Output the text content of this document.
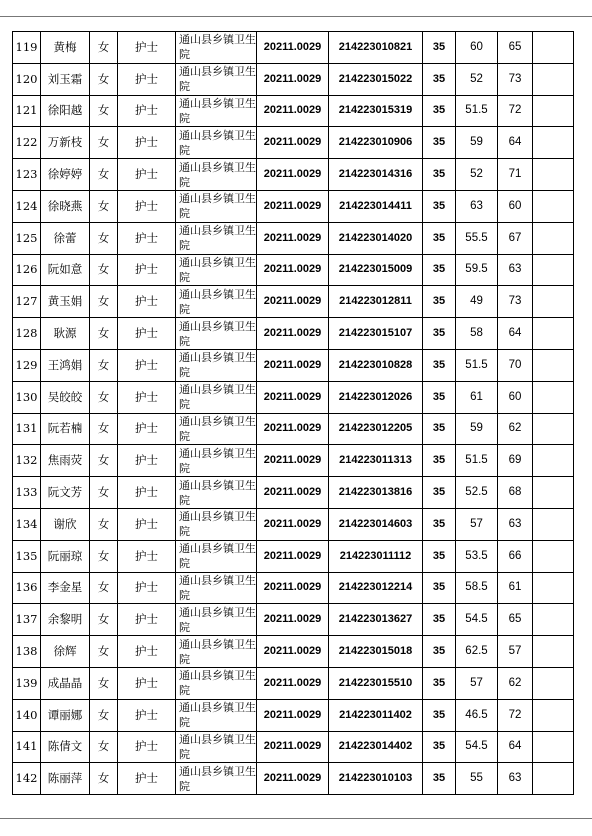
119	黄梅	女	护士	通山县乡镇卫生院	20211.0029	214223010821	35	60	65	
120	刘玉霜	女	护士	通山县乡镇卫生院	20211.0029	214223015022	35	52	73	
121	徐阳越	女	护士	通山县乡镇卫生院	20211.0029	214223015319	35	51.5	72	
122	万新枝	女	护士	通山县乡镇卫生院	20211.0029	214223010906	35	59	64	
123	徐婷婷	女	护士	通山县乡镇卫生院	20211.0029	214223014316	35	52	71	
124	徐晓燕	女	护士	通山县乡镇卫生院	20211.0029	214223014411	35	63	60	
125	徐蕾	女	护士	通山县乡镇卫生院	20211.0029	214223014020	35	55.5	67	
126	阮如意	女	护士	通山县乡镇卫生院	20211.0029	214223015009	35	59.5	63	
127	黄玉娟	女	护士	通山县乡镇卫生院	20211.0029	214223012811	35	49	73	
128	耿源	女	护士	通山县乡镇卫生院	20211.0029	214223015107	35	58	64	
129	王鸿娟	女	护士	通山县乡镇卫生院	20211.0029	214223010828	35	51.5	70	
130	吴皎皎	女	护士	通山县乡镇卫生院	20211.0029	214223012026	35	61	60	
131	阮若楠	女	护士	通山县乡镇卫生院	20211.0029	214223012205	35	59	62	
132	焦雨荧	女	护士	通山县乡镇卫生院	20211.0029	214223011313	35	51.5	69	
133	阮文芳	女	护士	通山县乡镇卫生院	20211.0029	214223013816	35	52.5	68	
134	谢欣	女	护士	通山县乡镇卫生院	20211.0029	214223014603	35	57	63	
135	阮丽琼	女	护士	通山县乡镇卫生院	20211.0029	214223011112	35	53.5	66	
136	李金星	女	护士	通山县乡镇卫生院	20211.0029	214223012214	35	58.5	61	
137	余黎明	女	护士	通山县乡镇卫生院	20211.0029	214223013627	35	54.5	65	
138	徐辉	女	护士	通山县乡镇卫生院	20211.0029	214223015018	35	62.5	57	
139	成晶晶	女	护士	通山县乡镇卫生院	20211.0029	214223015510	35	57	62	
140	谭丽娜	女	护士	通山县乡镇卫生院	20211.0029	214223011402	35	46.5	72	
141	陈倩文	女	护士	通山县乡镇卫生院	20211.0029	214223014402	35	54.5	64	
142	陈丽萍	女	护士	通山县乡镇卫生院	20211.0029	214223010103	35	55	63	
